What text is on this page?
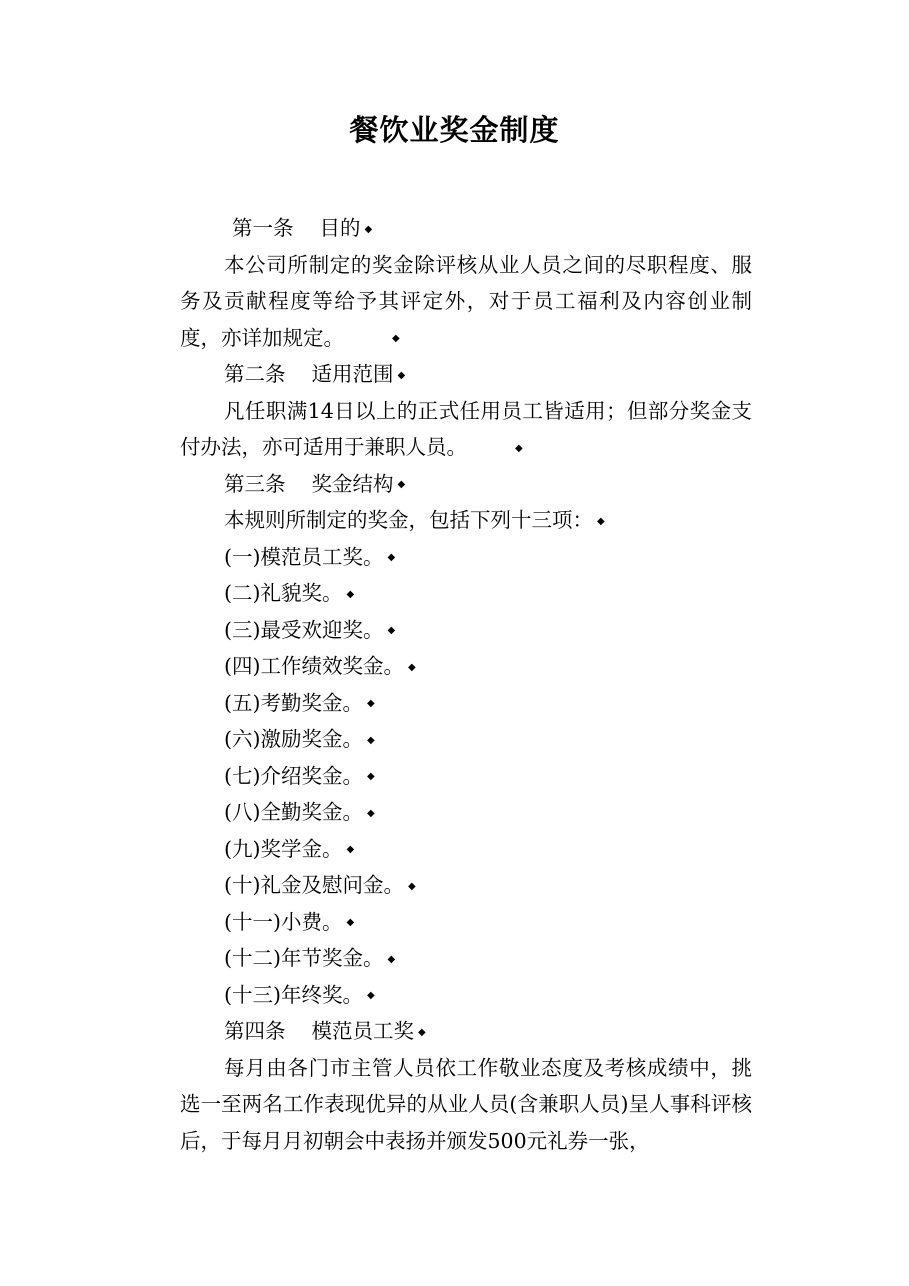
餐饮业奖金制度
第一条 目的 ◆
本公司所制定的奖金除评核从业人员之间的尽职程度、服务及贡献程度等给予其评定外，对于员工福利及内容创业制度，亦详加规定。	◆
第二条 适用范围 ◆
凡任职满14日以上的正式任用员工皆适用；但部分奖金支付办法，亦可适用于兼职人员。	◆
第三条 奖金结构 ◆
本规则所制定的奖金，包括下列十三项： ◆
(一)模范员工奖。 ◆
(二)礼貌奖。 ◆
(三)最受欢迎奖。 ◆
(四)工作绩效奖金。 ◆
(五)考勤奖金。 ◆
(六)激励奖金。 ◆
(七)介绍奖金。 ◆
(八)全勤奖金。 ◆
(九)奖学金。 ◆
(十)礼金及慰问金。 ◆
(十一)小费。 ◆
(十二)年节奖金。 ◆
(十三)年终奖。 ◆
第四条 模范员工奖 ◆
每月由各门市主管人员依工作敬业态度及考核成绩中，挑选一至两名工作表现优异的从业人员(含兼职人员)呈人事科评核后，于每月月初朝会中表扬并颁发500元礼券一张，
